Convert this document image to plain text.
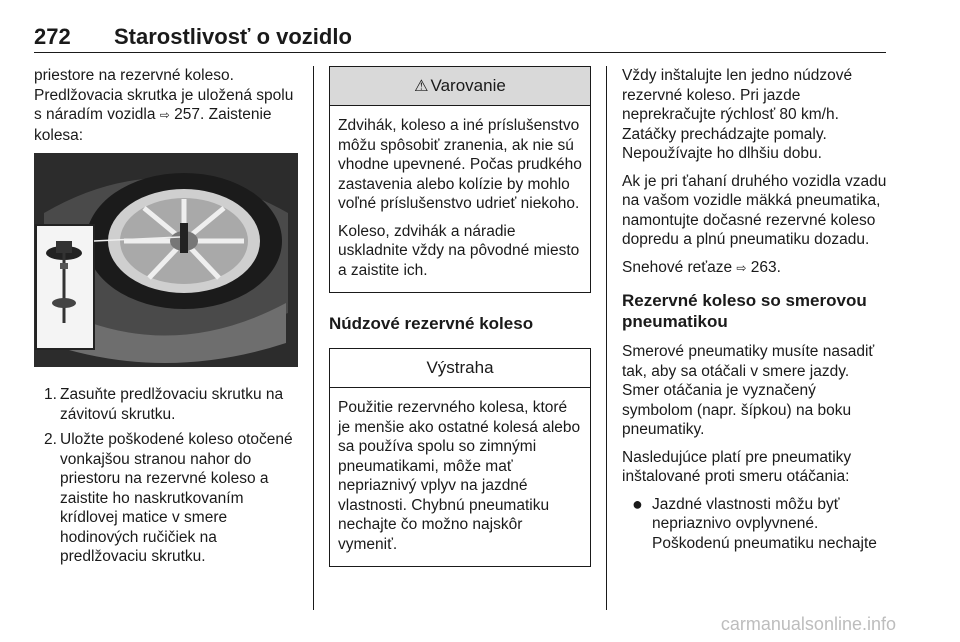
272 Starostlivosť o vozidlo

priestore na rezervné koleso. Predlžovacia skrutka je uložená spolu s náradím vozidla ⇨ 257. Zaistenie kolesa:

1. Zasuňte predlžovaciu skrutku na závitovú skrutku.
2. Uložte poškodené koleso otočené vonkajšou stranou nahor do priestoru na rezervné koleso a zaistite ho naskrutkovaním krídlovej matice v smere hodinových ručičiek na predlžovaciu skrutku.
⚠ Varovanie

Zdvihák, koleso a iné príslušenstvo môžu spôsobiť zranenia, ak nie sú vhodne upevnené. Počas prudkého zastavenia alebo kolízie by mohlo voľné príslušenstvo udrieť niekoho.

Koleso, zdvihák a náradie uskladnite vždy na pôvodné miesto a zaistite ich.

Núdzové rezervné koleso
Výstraha

Použitie rezervného kolesa, ktoré je menšie ako ostatné kolesá alebo sa používa spolu so zimnými pneumatikami, môže mať nepriaznivý vplyv na jazdné vlastnosti. Chybnú pneumatiku nechajte čo možno najskôr vymeniť.

Vždy inštalujte len jedno núdzové rezervné koleso. Pri jazde neprekračujte rýchlosť 80 km/h. Zatáčky prechádzajte pomaly. Nepoužívajte ho dlhšiu dobu.

Ak je pri ťahaní druhého vozidla vzadu na vašom vozidle mäkká pneumatika, namontujte dočasné rezervné koleso dopredu a plnú pneumatiku dozadu.

Snehové reťaze ⇨ 263.

Rezervné koleso so smerovou pneumatikou

Smerové pneumatiky musíte nasadiť tak, aby sa otáčali v smere jazdy. Smer otáčania je vyznačený symbolom (napr. šípkou) na boku pneumatiky.

Nasledujúce platí pre pneumatiky inštalované proti smeru otáčania:

● Jazdné vlastnosti môžu byť nepriaznivo ovplyvnené. Poškodenú pneumatiku nechajte
carmanualsonline.info
